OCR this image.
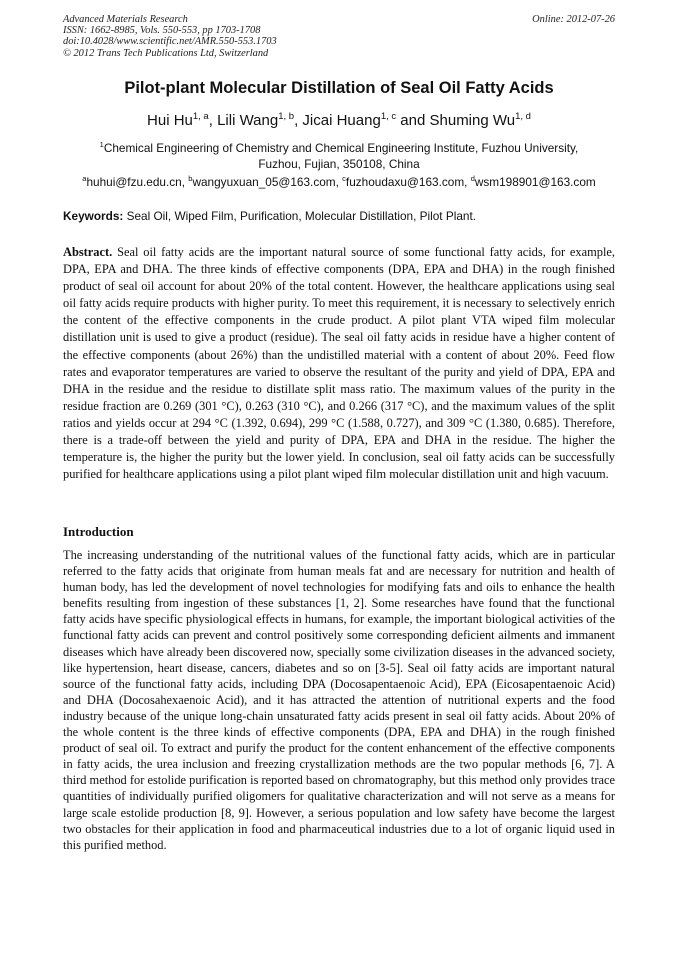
Advanced Materials Research
ISSN: 1662-8985, Vols. 550-553, pp 1703-1708
doi:10.4028/www.scientific.net/AMR.550-553.1703
© 2012 Trans Tech Publications Ltd, Switzerland
Online: 2012-07-26
Pilot-plant Molecular Distillation of Seal Oil Fatty Acids
Hui Hu$^{1, a}$, Lili Wang$^{1, b}$, Jicai Huang$^{1, c}$ and Shuming Wu$^{1, d}$
$^1$Chemical Engineering of Chemistry and Chemical Engineering Institute, Fuzhou University,
Fuzhou, Fujian, 350108, China
$^a$huhui@fzu.edu.cn, $^b$wangyuxuan_05@163.com, $^c$fuzhoudaxu@163.com, $^d$wsm198901@163.com
Keywords: Seal Oil, Wiped Film, Purification, Molecular Distillation, Pilot Plant.
Abstract. Seal oil fatty acids are the important natural source of some functional fatty acids, for example, DPA, EPA and DHA. The three kinds of effective components (DPA, EPA and DHA) in the rough finished product of seal oil account for about 20% of the total content. However, the healthcare applications using seal oil fatty acids require products with higher purity. To meet this requirement, it is necessary to selectively enrich the content of the effective components in the crude product. A pilot plant VTA wiped film molecular distillation unit is used to give a product (residue). The seal oil fatty acids in residue have a higher content of the effective components (about 26%) than the undistilled material with a content of about 20%. Feed flow rates and evaporator temperatures are varied to observe the resultant of the purity and yield of DPA, EPA and DHA in the residue and the residue to distillate split mass ratio. The maximum values of the purity in the residue fraction are 0.269 (301 °C), 0.263 (310 °C), and 0.266 (317 °C), and the maximum values of the split ratios and yields occur at 294 °C (1.392, 0.694), 299 °C (1.588, 0.727), and 309 °C (1.380, 0.685). Therefore, there is a trade-off between the yield and purity of DPA, EPA and DHA in the residue. The higher the temperature is, the higher the purity but the lower yield. In conclusion, seal oil fatty acids can be successfully purified for healthcare applications using a pilot plant wiped film molecular distillation unit and high vacuum.
Introduction
The increasing understanding of the nutritional values of the functional fatty acids, which are in particular referred to the fatty acids that originate from human meals fat and are necessary for nutrition and health of human body, has led the development of novel technologies for modifying fats and oils to enhance the health benefits resulting from ingestion of these substances [1, 2]. Some researches have found that the functional fatty acids have specific physiological effects in humans, for example, the important biological activities of the functional fatty acids can prevent and control positively some corresponding deficient ailments and immanent diseases which have already been discovered now, specially some civilization diseases in the advanced society, like hypertension, heart disease, cancers, diabetes and so on [3-5]. Seal oil fatty acids are important natural source of the functional fatty acids, including DPA (Docosapentaenoic Acid), EPA (Eicosapentaenoic Acid) and DHA (Docosahexaenoic Acid), and it has attracted the attention of nutritional experts and the food industry because of the unique long-chain unsaturated fatty acids present in seal oil fatty acids. About 20% of the whole content is the three kinds of effective components (DPA, EPA and DHA) in the rough finished product of seal oil. To extract and purify the product for the content enhancement of the effective components in fatty acids, the urea inclusion and freezing crystallization methods are the two popular methods [6, 7]. A third method for estolide purification is reported based on chromatography, but this method only provides trace quantities of individually purified oligomers for qualitative characterization and will not serve as a means for large scale estolide production [8, 9]. However, a serious population and low safety have become the largest two obstacles for their application in food and pharmaceutical industries due to a lot of organic liquid used in this purified method.
